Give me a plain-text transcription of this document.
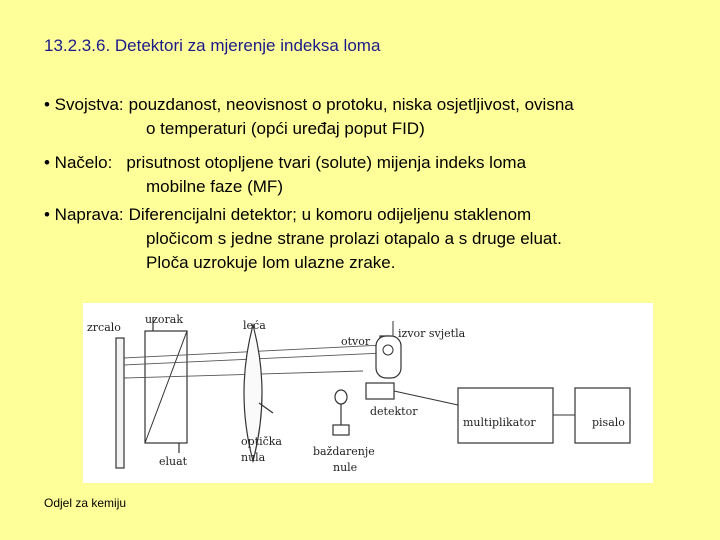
13.2.3.6. Detektori za mjerenje indeksa loma
• Svojstva: pouzdanost, neovisnost o protoku, niska osjetljivost, ovisna
o temperaturi (opći uređaj poput FID)
• Načelo: prisutnost otopljene tvari (solute) mijenja indeks loma
mobilne faze (MF)
• Naprava: Diferencijalni detektor; u komoru odijeljenu staklenom
pločicom s jedne strane prolazi otapalo a s druge eluat.
Ploča uzrokuje lom ulazne zrake.
zrcalo
uzorak	leća
izvor svjetla
otvor
detektor
multiplikator	pisalo
eluat
optička
nula	baždarenje
nule
Odjel za kemiju
